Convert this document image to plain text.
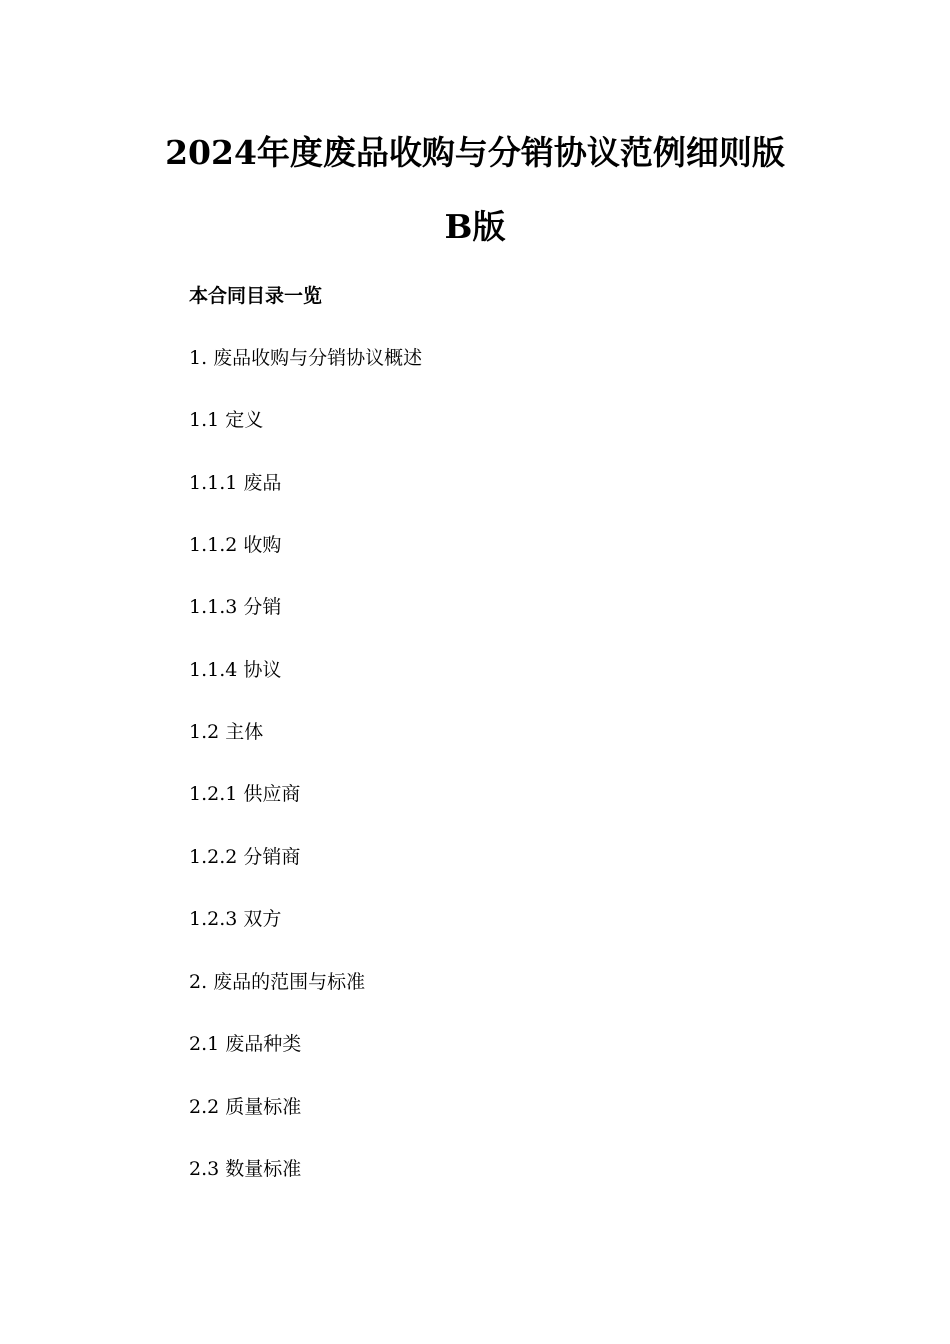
2024年度废品收购与分销协议范例细则版
B版
本合同目录一览
1. 废品收购与分销协议概述
1.1 定义
1.1.1 废品
1.1.2 收购
1.1.3 分销
1.1.4 协议
1.2 主体
1.2.1 供应商
1.2.2 分销商
1.2.3 双方
2. 废品的范围与标准
2.1 废品种类
2.2 质量标准
2.3 数量标准
